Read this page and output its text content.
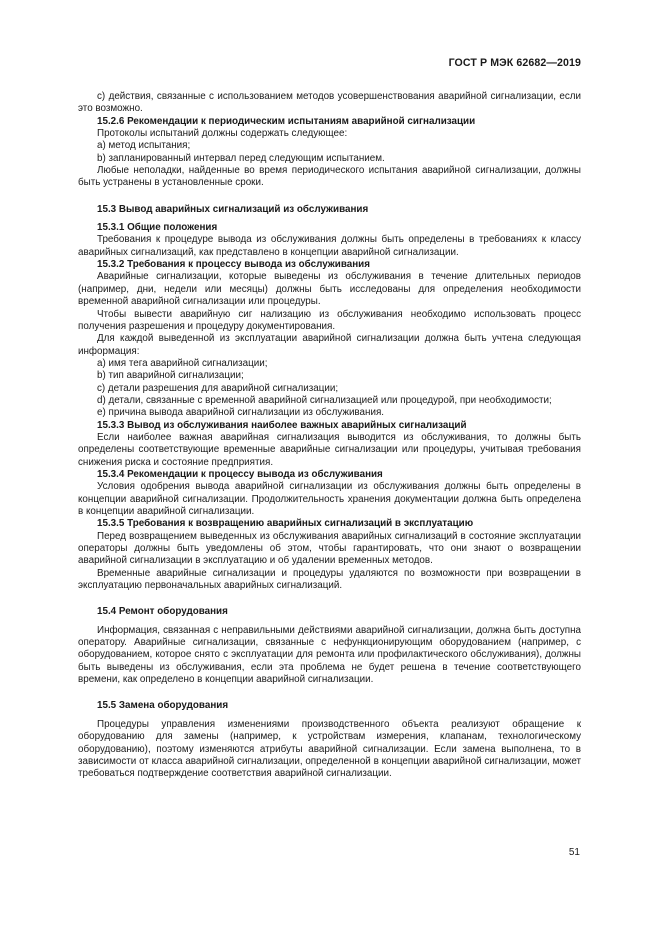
ГОСТ Р МЭК 62682—2019

c) действия, связанные с использованием методов усовершенствования аварийной сигнализации, если это возможно.

15.2.6 Рекомендации к периодическим испытаниям аварийной сигнализации

Протоколы испытаний должны содержать следующее:

a) метод испытания;

b) запланированный интервал перед следующим испытанием.

Любые неполадки, найденные во время периодического испытания аварийной сигнализации, должны быть устранены в установленные сроки.

15.3 Вывод аварийных сигнализаций из обслуживания

15.3.1 Общие положения

Требования к процедуре вывода из обслуживания должны быть определены в требованиях к классу аварийных сигнализаций, как представлено в концепции аварийной сигнализации.

15.3.2 Требования к процессу вывода из обслуживания

Аварийные сигнализации, которые выведены из обслуживания в течение длительных периодов (например, дни, недели или месяцы) должны быть исследованы для определения необходимости временной аварийной сигнализации или процедуры.

Чтобы вывести аварийную сиг нализацию из обслуживания необходимо использовать процесс получения разрешения и процедуру документирования.

Для каждой выведенной из эксплуатации аварийной сигнализации должна быть учтена следующая информация:

a) имя тега аварийной сигнализации;

b) тип аварийной сигнализации;

c) детали разрешения для аварийной сигнализации;

d) детали, связанные с временной аварийной сигнализацией или процедурой, при необходимости;

e) причина вывода аварийной сигнализации из обслуживания.

15.3.3 Вывод из обслуживания наиболее важных аварийных сигнализаций

Если наиболее важная аварийная сигнализация выводится из обслуживания, то должны быть определены соответствующие временные аварийные сигнализации или процедуры, учитывая требования снижения риска и состояние предприятия.

15.3.4 Рекомендации к процессу вывода из обслуживания

Условия одобрения вывода аварийной сигнализации из обслуживания должны быть определены в концепции аварийной сигнализации. Продолжительность хранения документации должна быть определена в концепции аварийной сигнализации.

15.3.5 Требования к возвращению аварийных сигнализаций в эксплуатацию

Перед возвращением выведенных из обслуживания аварийных сигнализаций в состояние эксплуатации операторы должны быть уведомлены об этом, чтобы гарантировать, что они знают о возвращении аварийной сигнализации в эксплуатацию и об удалении временных методов.

Временные аварийные сигнализации и процедуры удаляются по возможности при возвращении в эксплуатацию первоначальных аварийных сигнализаций.

15.4 Ремонт оборудования

Информация, связанная с неправильными действиями аварийной сигнализации, должна быть доступна оператору. Аварийные сигнализации, связанные с нефункционирующим оборудованием (например, с оборудованием, которое снято с эксплуатации для ремонта или профилактического обслуживания), должны быть выведены из обслуживания, если эта проблема не будет решена в течение соответствующего времени, как определено в концепции аварийной сигнализации.

15.5 Замена оборудования

Процедуры управления изменениями производственного объекта реализуют обращение к оборудованию для замены (например, к устройствам измерения, клапанам, технологическому оборудованию), поэтому изменяются атрибуты аварийной сигнализации. Если замена выполнена, то в зависимости от класса аварийной сигнализации, определенной в концепции аварийной сигнализации, может требоваться подтверждение соответствия аварийной сигнализации.

51
